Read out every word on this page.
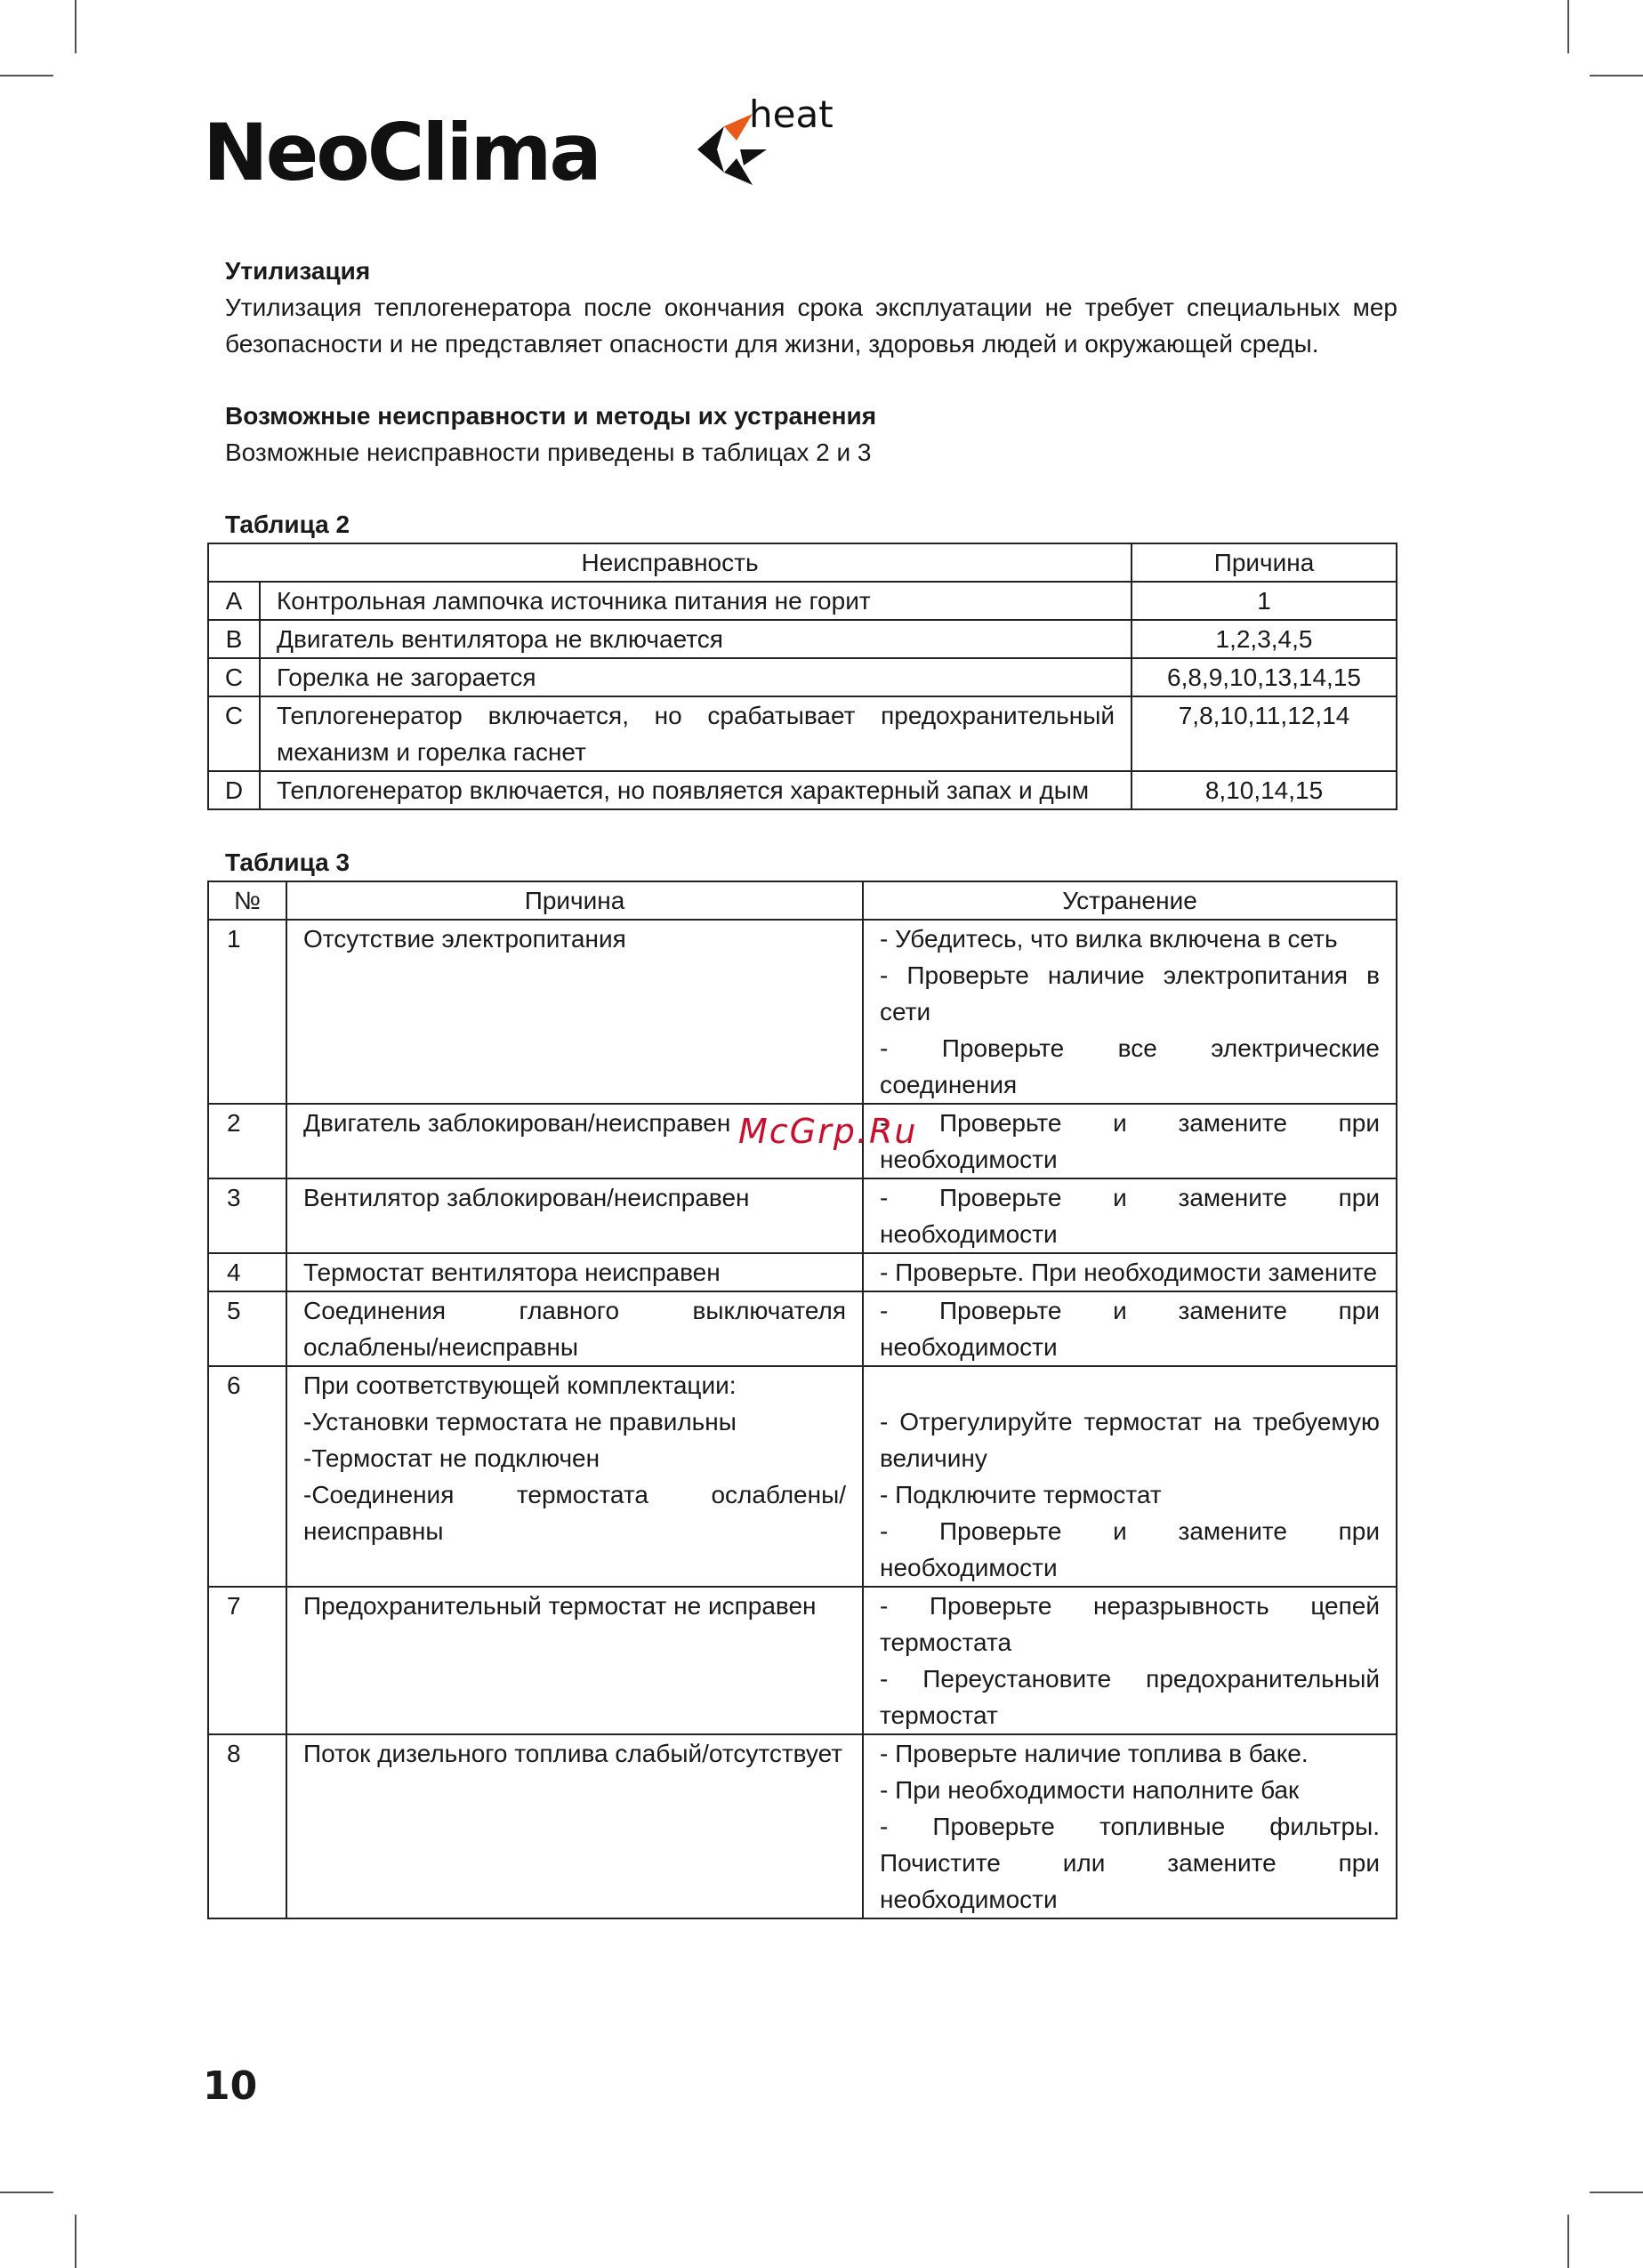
NeoClima	heat
Утилизация
Утилизация теплогенератора после окончания срока эксплуатации не требует специальных мер безопасности и не представляет опасности для жизни, здоровья людей и окружающей среды.
Возможные неисправности и методы их устранения
Возможные неисправности приведены в таблицах 2 и 3
Таблица 2
Неисправность		Причина
A	Контрольная лампочка источника питания не горит	1
B	Двигатель вентилятора не включается	1,2,3,4,5
C	Горелка не загорается	6,8,9,10,13,14,15
C	Теплогенератор включается, но срабатывает предохранительный механизм и горелка гаснет	7,8,10,11,12,14
D	Теплогенератор включается, но появляется характерный запах и дым	8,10,14,15
Таблица 3
№	Причина	Устранение
1	Отсутствие электропитания	- Убедитесь, что вилка включена в сеть
- Проверьте наличие электропитания в сети
- Проверьте все электрические соединения

2	Двигатель заблокирован/неисправен	- Проверьте и замените при необходимости

3	Вентилятор заблокирован/неисправен	- Проверьте и замените при необходимости

4	Термостат вентилятора неисправен	- Проверьте. При необходимости замените

5	Соединения главного выключателя ослаблены/неисправны	- Проверьте и замените при необходимости

6	При соответствующей комплектации:
-Установки термостата не правильны
-Термостат не подключен
-Соединения термостата ослаблены/неисправны	- Отрегулируйте термостат на требуемую величину
- Подключите термостат
- Проверьте и замените при необходимости

7	Предохранительный термостат не исправен	- Проверьте неразрывность цепей термостата
- Переустановите предохранительный термостат

8	Поток дизельного топлива слабый/отсутствует	- Проверьте наличие топлива в баке.
- При необходимости наполните бак
- Проверьте топливные фильтры. Почистите или замените при необходимости
McGrp.Ru
10
